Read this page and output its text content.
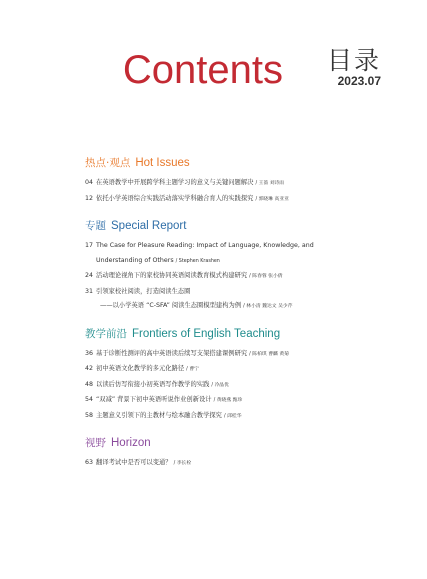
Contents 目录
2023.07
热点·观点 Hot Issues
04 在英语教学中开展跨学科主题学习的意义与关键问题解决 / 王蔷 刘诗雨
12 依托小学英语综合实践活动落实学科融合育人的实践探究 / 郭晓琳 高亚亚
专题 Special Report
17 The Case for Pleasure Reading: Impact of Language, Knowledge, and
Understanding of Others / Stephen Krashen
24 活动理论视角下的家校协同英语阅读教育模式构建研究 / 陈春蓉 张小倩
31 引领家校社阅读，打造阅读生态圈
——以小学英语 “C-SFA” 阅读生态圈模型建构为例 / 林小清 魏达文 吴少芹
教学前沿 Frontiers of English Teaching
36 基于诊断性测评的高中英语读后续写支架搭建课例研究 / 陈柏琪 曹麟 黄菊
42 初中英语文化教学的多元化路径 / 曹宁
48 以读后仿写衔接小初英语写作教学的实践 / 冷晶优
54 “双减” 背景下初中英语听说作业创新设计 / 黄晓燕 甄珍
58 主题意义引领下的主教材与绘本融合教学探究 / 邱桂华
视野 Horizon
63 翻译考试中是否可以变通？ / 李长栓
